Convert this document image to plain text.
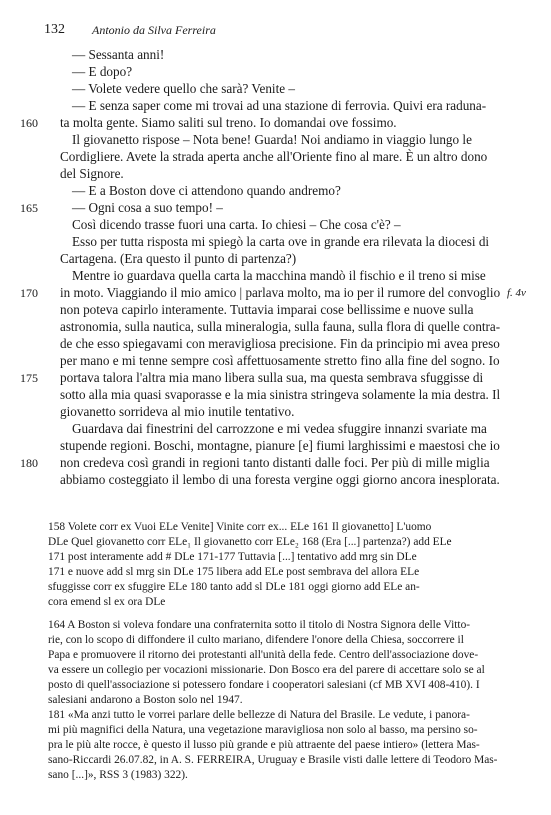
132 Antonio da Silva Ferreira
— Sessanta anni!
— E dopo?
— Volete vedere quello che sarà? Venite –
— E senza saper come mi trovai ad una stazione di ferrovia. Quivi era raduna-
ta molta gente. Siamo saliti sul treno. Io domandai ove fossimo.
Il giovanetto rispose – Nota bene! Guarda! Noi andiamo in viaggio lungo le
Cordigliere. Avete la strada aperta anche all'Oriente fino al mare. È un altro dono
del Signore.
— E a Boston dove ci attendono quando andremo?
— Ogni cosa a suo tempo! –
Così dicendo trasse fuori una carta. Io chiesi – Che cosa c'è? –
Esso per tutta risposta mi spiegò la carta ove in grande era rilevata la diocesi di
Cartagena. (Era questo il punto di partenza?)
Mentre io guardava quella carta la macchina mandò il fischio e il treno si mise
in moto. Viaggiando il mio amico | parlava molto, ma io per il rumore del convoglio
non poteva capirlo interamente. Tuttavia imparai cose bellissime e nuove sulla
astronomia, sulla nautica, sulla mineralogia, sulla fauna, sulla flora di quelle contra-
de che esso spiegavami con meravigliosa precisione. Fin da principio mi avea preso
per mano e mi tenne sempre così affettuosamente stretto fino alla fine del sogno. Io
portava talora l'altra mia mano libera sulla sua, ma questa sembrava sfuggisse di
sotto alla mia quasi svaporasse e la mia sinistra stringeva solamente la mia destra. Il
giovanetto sorrideva al mio inutile tentativo.
Guardava dai finestrini del carrozzone e mi vedea sfuggire innanzi svariate ma
stupende regioni. Boschi, montagne, pianure [e] fiumi larghissimi e maestosi che io
non credeva così grandi in regioni tanto distanti dalle foci. Per più di mille miglia
abbiamo costeggiato il lembo di una foresta vergine oggi giorno ancora inesplorata.
160
165
170
175
180
f. 4v
158 Volete corr ex Vuoi ELe Venite] Vinite corr ex... ELe 161 Il giovanetto] L'uomo
DLe Quel giovanetto corr ELe₁ Il giovanetto corr ELe₂ 168 (Era [...] partenza?) add ELe
171 post interamente add # DLe 171-177 Tuttavia [...] tentativo add mrg sin DLe
171 e nuove add sl mrg sin DLe 175 libera add ELe post sembrava del allora ELe
sfuggisse corr ex sfuggire ELe 180 tanto add sl DLe 181 oggi giorno add ELe an-
cora emend sl ex ora DLe
164 A Boston si voleva fondare una confraternita sotto il titolo di Nostra Signora delle Vitto-
rie, con lo scopo di diffondere il culto mariano, difendere l'onore della Chiesa, soccorrere il
Papa e promuovere il ritorno dei protestanti all'unità della fede. Centro dell'associazione dove-
va essere un collegio per vocazioni missionarie. Don Bosco era del parere di accettare solo se al
posto di quell'associazione si potessero fondare i cooperatori salesiani (cf MB XVI 408-410). I
salesiani andarono a Boston solo nel 1947.
181 «Ma anzi tutto le vorrei parlare delle bellezze di Natura del Brasile. Le vedute, i panora-
mi più magnifici della Natura, una vegetazione maravigliosa non solo al basso, ma persino so-
pra le più alte rocce, è questo il lusso più grande e più attraente del paese intiero» (lettera Mas-
sano-Riccardi 26.07.82, in A. S. FERREIRA, Uruguay e Brasile visti dalle lettere di Teodoro Mas-
sano [...]», RSS 3 (1983) 322).
